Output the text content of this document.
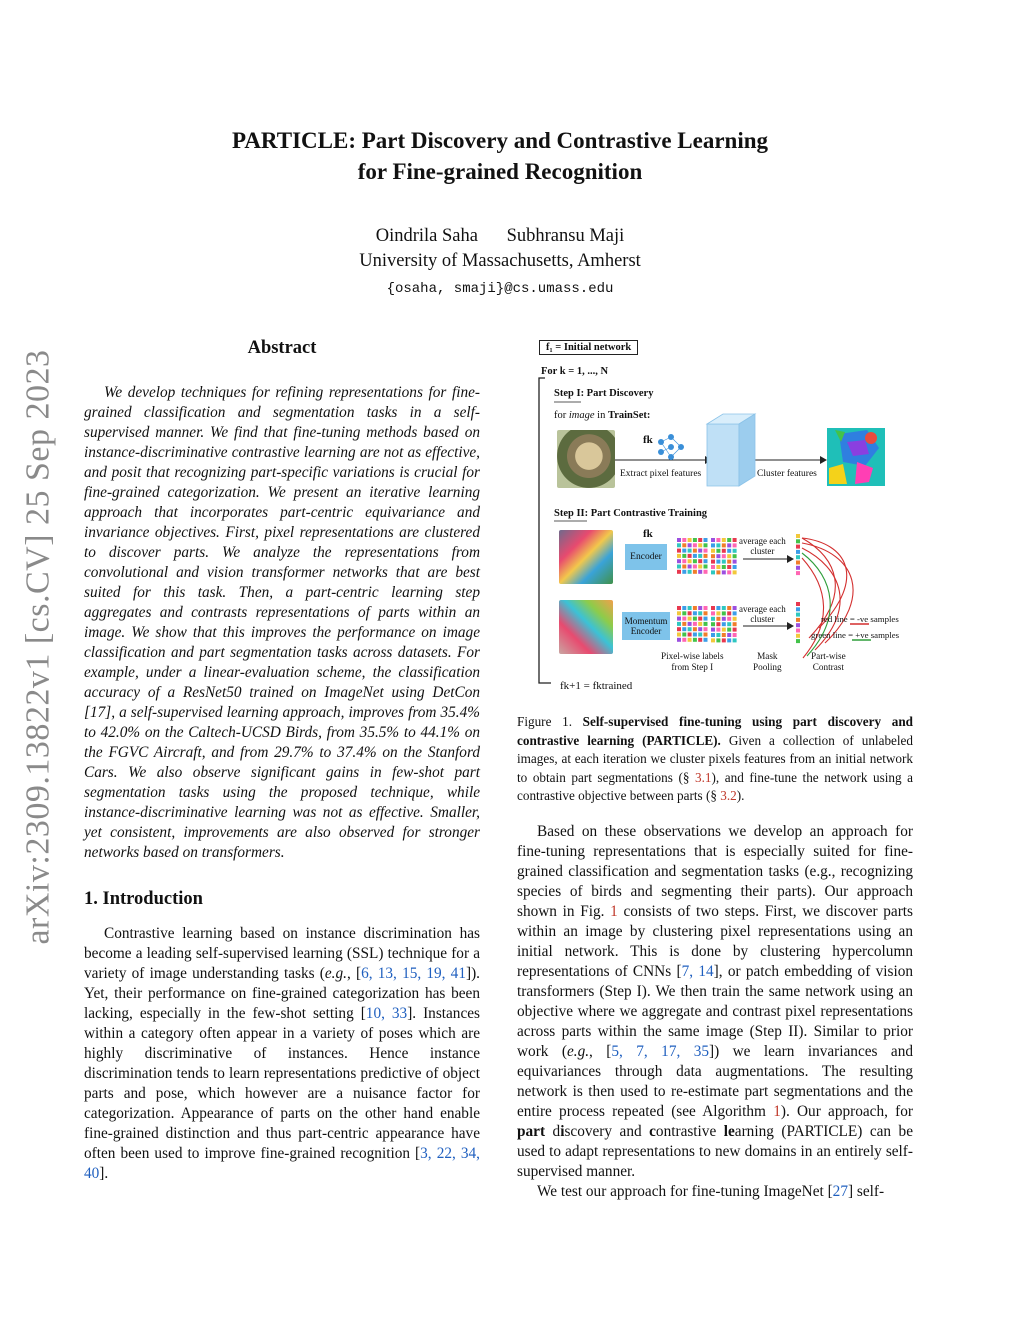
arXiv:2309.13822v1 [cs.CV] 25 Sep 2023
PARTICLE: Part Discovery and Contrastive Learning
for Fine-grained Recognition
Oindrila Saha Subhransu Maji
University of Massachusetts, Amherst
{osaha, smaji}@cs.umass.edu
Abstract

We develop techniques for refining representations for fine-grained classification and segmentation tasks in a self-supervised manner. We find that fine-tuning methods based on instance-discriminative contrastive learning are not as effective, and posit that recognizing part-specific variations is crucial for fine-grained categorization. We present an iterative learning approach that incorporates part-centric equivariance and invariance objectives. First, pixel representations are clustered to discover parts. We analyze the representations from convolutional and vision transformer networks that are best suited for this task. Then, a part-centric learning step aggregates and contrasts representations of parts within an image. We show that this improves the performance on image classification and part segmentation tasks across datasets. For example, under a linear-evaluation scheme, the classification accuracy of a ResNet50 trained on ImageNet using DetCon [17], a self-supervised learning approach, improves from 35.4% to 42.0% on the Caltech-UCSD Birds, from 35.5% to 44.1% on the FGVC Aircraft, and from 29.7% to 37.4% on the Stanford Cars. We also observe significant gains in few-shot part segmentation tasks using the proposed technique, while instance-discriminative learning was not as effective. Smaller, yet consistent, improvements are also observed for stronger networks based on transformers.

1. Introduction

Contrastive learning based on instance discrimination has become a leading self-supervised learning (SSL) technique for a variety of image understanding tasks (e.g., [6, 13, 15, 19, 41]). Yet, their performance on fine-grained categorization has been lacking, especially in the few-shot setting [10, 33]. Instances within a category often appear in a variety of poses which are highly discriminative of instances. Hence instance discrimination tends to learn representations predictive of object parts and pose, which however are a nuisance factor for categorization. Appearance of parts on the other hand enable fine-grained distinction and thus part-centric appearance have often been used to improve fine-grained recognition [3, 22, 34, 40].

f₁ = Initial network
For k = 1, ..., N
Step I: Part Discovery
for image in TrainSet:
fk
Extract pixel features	Cluster features
Step II: Part Contrastive Training
fk
Encoder
Momentum
Encoder
average each
cluster
average each
cluster	red line = -ve samples
green line = +ve samples
Pixel-wise labels
from Step I
Mask
Pooling
Part-wise
Contrast
fk+1 = fktrained

Figure 1. Self-supervised fine-tuning using part discovery and contrastive learning (PARTICLE). Given a collection of unlabeled images, at each iteration we cluster pixels features from an initial network to obtain part segmentations (§ 3.1), and fine-tune the network using a contrastive objective between parts (§ 3.2).

Based on these observations we develop an approach for fine-tuning representations that is especially suited for fine-grained classification and segmentation tasks (e.g., recognizing species of birds and segmenting their parts). Our approach shown in Fig. 1 consists of two steps. First, we discover parts within an image by clustering pixel representations using an initial network. This is done by clustering hypercolumn representations of CNNs [7, 14], or patch embedding of vision transformers (Step I). We then train the same network using an objective where we aggregate and contrast pixel representations across parts within the same image (Step II). Similar to prior work (e.g., [5, 7, 17, 35]) we learn invariances and equivariances through data augmentations. The resulting network is then used to re-estimate part segmentations and the entire process repeated (see Algorithm 1). Our approach, for part discovery and contrastive learning (PARTICLE) can be used to adapt representations to new domains in an entirely self-supervised manner.

We test our approach for fine-tuning ImageNet [27] self-
